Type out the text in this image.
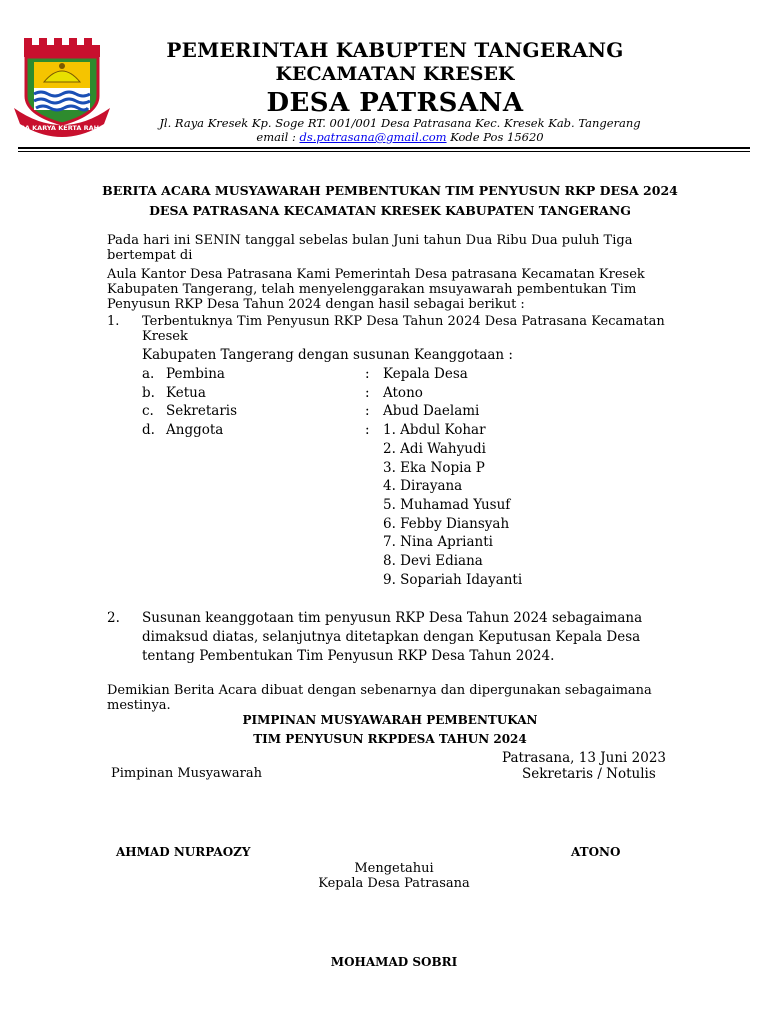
BAJRA KARYA KERTA RAHARJA
PEMERINTAH KABUPTEN TANGERANG
KECAMATAN KRESEK
DESA PATRSANA
Jl. Raya Kresek Kp. Soge RT. 001/001 Desa Patrasana Kec. Kresek Kab. Tangerang
email : ds.patrasana@gmail.com Kode Pos 15620
BERITA ACARA MUSYAWARAH PEMBENTUKAN TIM PENYUSUN RKP DESA 2024
DESA PATRASANA KECAMATAN KRESEK KABUPATEN TANGERANG
Pada hari ini SENIN tanggal sebelas bulan Juni tahun Dua Ribu Dua puluh Tiga
bertempat di
Aula Kantor Desa Patrasana Kami Pemerintah Desa patrasana Kecamatan Kresek
Kabupaten Tangerang, telah menyelenggarakan msuyawarah pembentukan Tim
Penyusun RKP Desa Tahun 2024 dengan hasil sebagai berikut :
1. Terbentuknya Tim Penyusun RKP Desa Tahun 2024 Desa Patrasana Kecamatan
Kresek
Kabupaten Tangerang dengan susunan Keanggotaan :
a. Pembina	: Kepala Desa
b. Ketua	: Atono
c. Sekretaris	: Abud Daelami
d. Anggota	: 1. Abdul Kohar
2. Adi Wahyudi
3. Eka Nopia P
4. Dirayana
5. Muhamad Yusuf
6. Febby Diansyah
7. Nina Aprianti
8. Devi Ediana
9. Sopariah Idayanti
2. Susunan keanggotaan tim penyusun RKP Desa Tahun 2024 sebagaimana
dimaksud diatas, selanjutnya ditetapkan dengan Keputusan Kepala Desa
tentang Pembentukan Tim Penyusun RKP Desa Tahun 2024.
Demikian Berita Acara dibuat dengan sebenarnya dan dipergunakan sebagaimana
mestinya.
PIMPINAN MUSYAWARAH PEMBENTUKAN
TIM PENYUSUN RKPDESA TAHUN 2024
Patrasana, 13 Juni 2023
Pimpinan Musyawarah	Sekretaris / Notulis
AHMAD NURPAOZY	ATONO
Mengetahui
Kepala Desa Patrasana
MOHAMAD SOBRI
